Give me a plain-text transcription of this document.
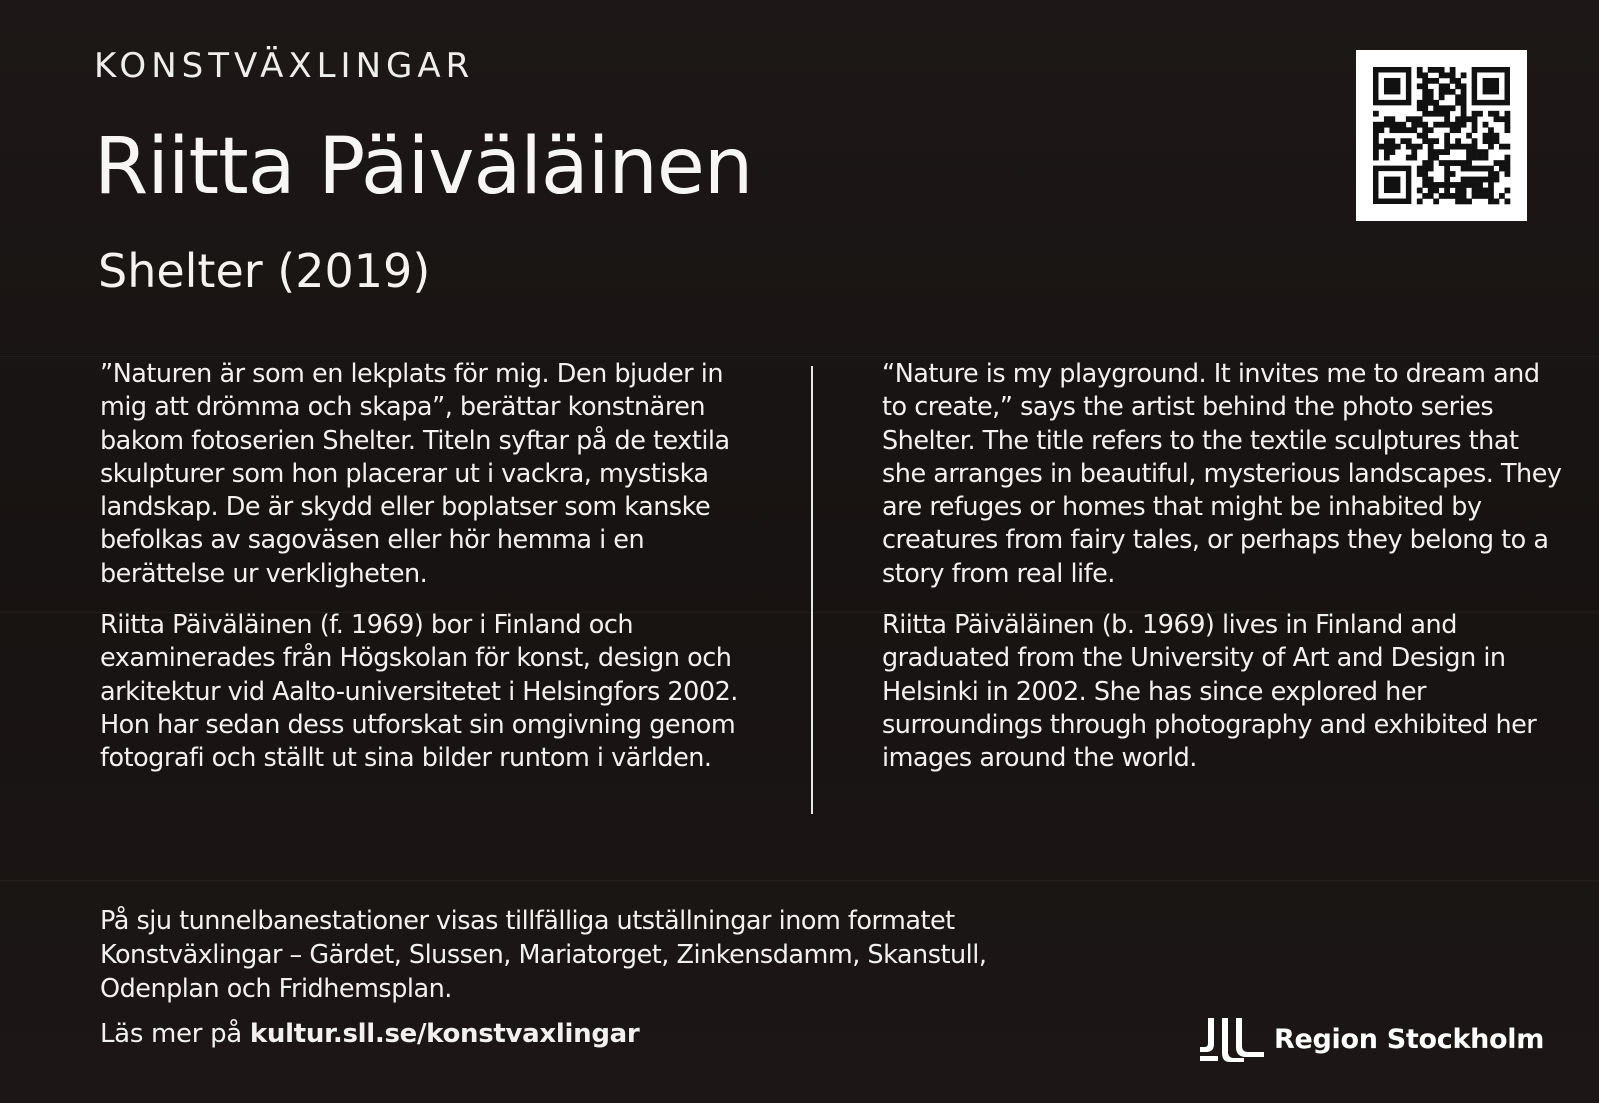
KONSTVÄXLINGAR
Riitta Päiväläinen
Shelter (2019)

”Naturen är som en lekplats för mig. Den bjuder in mig att drömma och skapa”, berättar konstnären bakom fotoserien Shelter. Titeln syftar på de textila skulpturer som hon placerar ut i vackra, mystiska landskap. De är skydd eller boplatser som kanske befolkas av sagoväsen eller hör hemma i en berättelse ur verkligheten.

Riitta Päiväläinen (f. 1969) bor i Finland och examinerades från Högskolan för konst, design och arkitektur vid Aalto-universitetet i Helsingfors 2002. Hon har sedan dess utforskat sin omgivning genom fotografi och ställt ut sina bilder runtom i världen.

“Nature is my playground. It invites me to dream and to create,” says the artist behind the photo series Shelter. The title refers to the textile sculptures that she arranges in beautiful, mysterious landscapes. They are refuges or homes that might be inhabited by creatures from fairy tales, or perhaps they belong to a story from real life.

Riitta Päiväläinen (b. 1969) lives in Finland and graduated from the University of Art and Design in Helsinki in 2002. She has since explored her surroundings through photography and exhibited her images around the world.

På sju tunnelbanestationer visas tillfälliga utställningar inom formatet Konstväxlingar – Gärdet, Slussen, Mariatorget, Zinkensdamm, Skanstull, Odenplan och Fridhemsplan.

Läs mer på kultur.sll.se/konstvaxlingar	Region Stockholm
